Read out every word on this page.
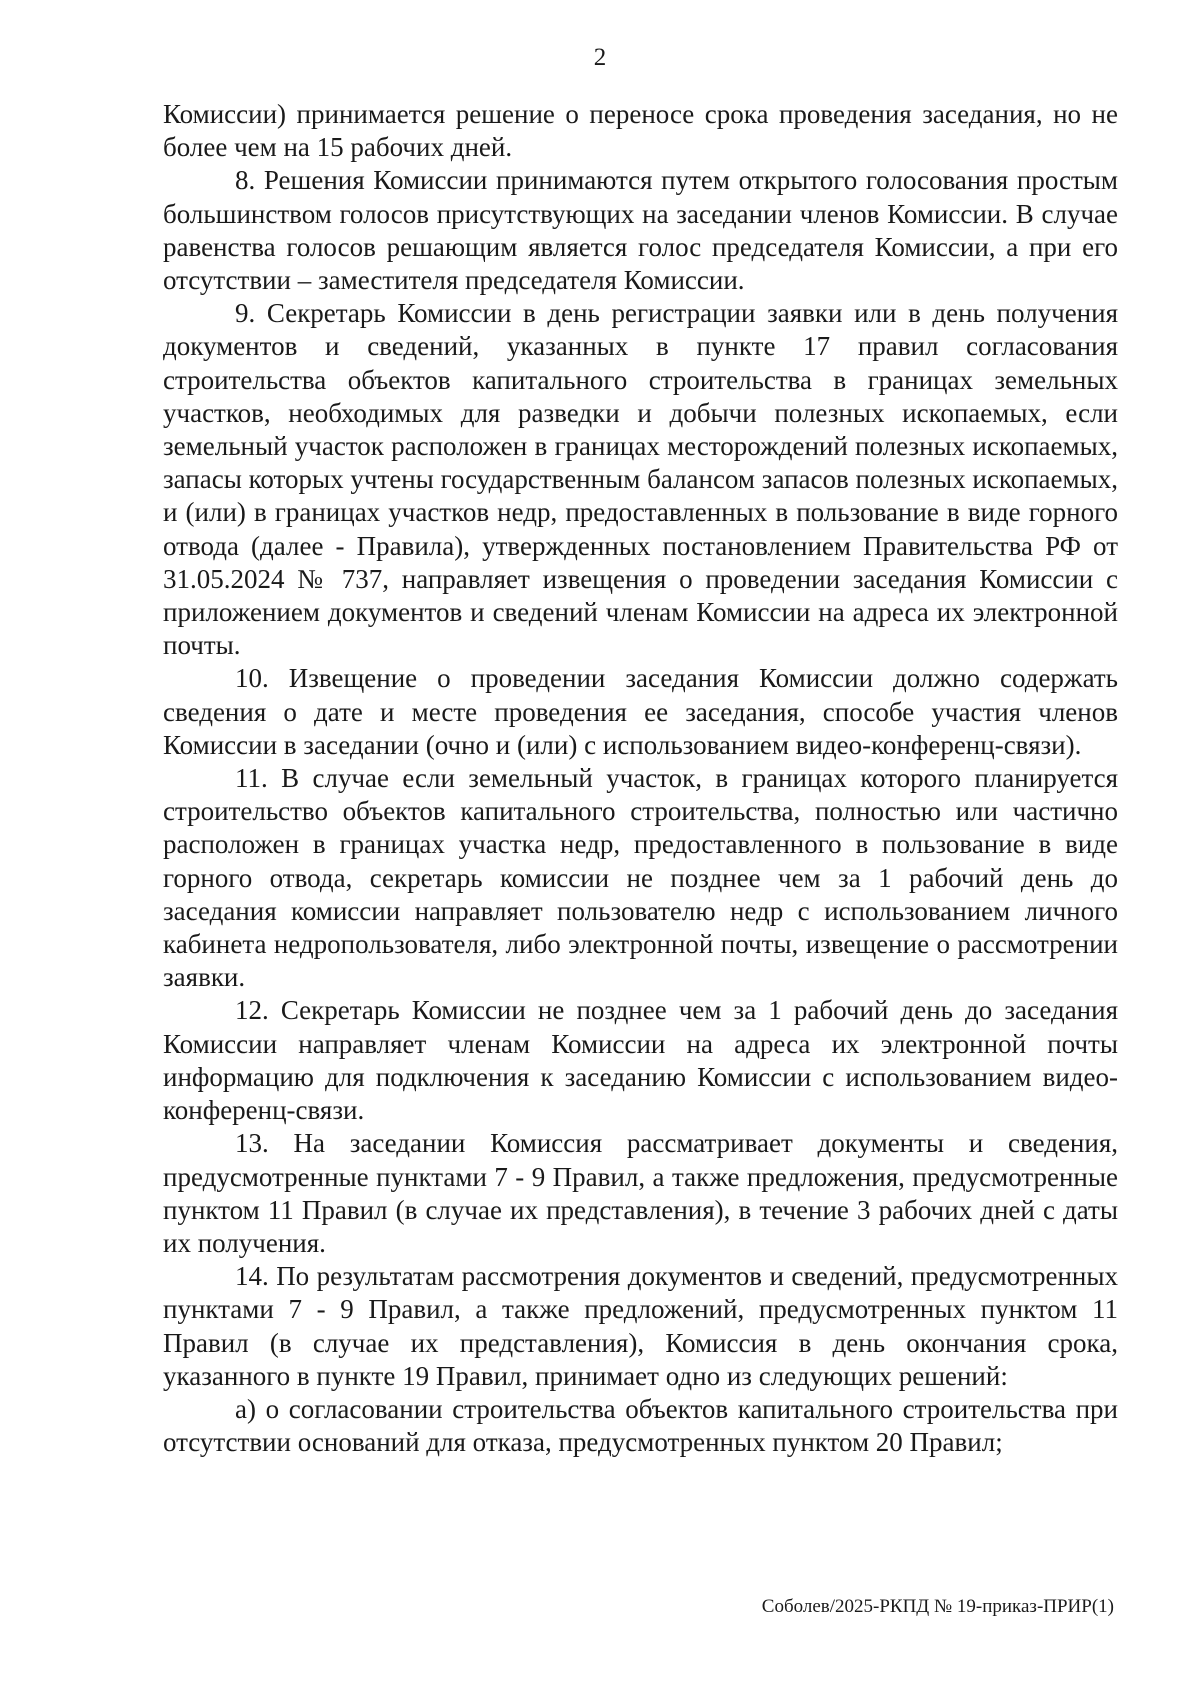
2

Комиссии) принимается решение о переносе срока проведения заседания, но не более чем на 15 рабочих дней.

8. Решения Комиссии принимаются путем открытого голосования простым большинством голосов присутствующих на заседании членов Комиссии. В случае равенства голосов решающим является голос председателя Комиссии, а при его отсутствии – заместителя председателя Комиссии.

9. Секретарь Комиссии в день регистрации заявки или в день получения документов и сведений, указанных в пункте 17 правил согласования строительства объектов капитального строительства в границах земельных участков, необходимых для разведки и добычи полезных ископаемых, если земельный участок расположен в границах месторождений полезных ископаемых, запасы которых учтены государственным балансом запасов полезных ископаемых, и (или) в границах участков недр, предоставленных в пользование в виде горного отвода (далее - Правила), утвержденных постановлением Правительства РФ от 31.05.2024 № 737, направляет извещения о проведении заседания Комиссии с приложением документов и сведений членам Комиссии на адреса их электронной почты.

10. Извещение о проведении заседания Комиссии должно содержать сведения о дате и месте проведения ее заседания, способе участия членов Комиссии в заседании (очно и (или) с использованием видео-конференц-связи).

11. В случае если земельный участок, в границах которого планируется строительство объектов капитального строительства, полностью или частично расположен в границах участка недр, предоставленного в пользование в виде горного отвода, секретарь комиссии не позднее чем за 1 рабочий день до заседания комиссии направляет пользователю недр с использованием личного кабинета недропользователя, либо электронной почты, извещение о рассмотрении заявки.

12. Секретарь Комиссии не позднее чем за 1 рабочий день до заседания Комиссии направляет членам Комиссии на адреса их электронной почты информацию для подключения к заседанию Комиссии с использованием видео-конференц-связи.

13. На заседании Комиссия рассматривает документы и сведения, предусмотренные пунктами 7 - 9 Правил, а также предложения, предусмотренные пунктом 11 Правил (в случае их представления), в течение 3 рабочих дней с даты их получения.

14. По результатам рассмотрения документов и сведений, предусмотренных пунктами 7 - 9 Правил, а также предложений, предусмотренных пунктом 11 Правил (в случае их представления), Комиссия в день окончания срока, указанного в пункте 19 Правил, принимает одно из следующих решений:

а) о согласовании строительства объектов капитального строительства при отсутствии оснований для отказа, предусмотренных пунктом 20 Правил;

Соболев/2025-РКПД № 19-приказ-ПРИР(1)
